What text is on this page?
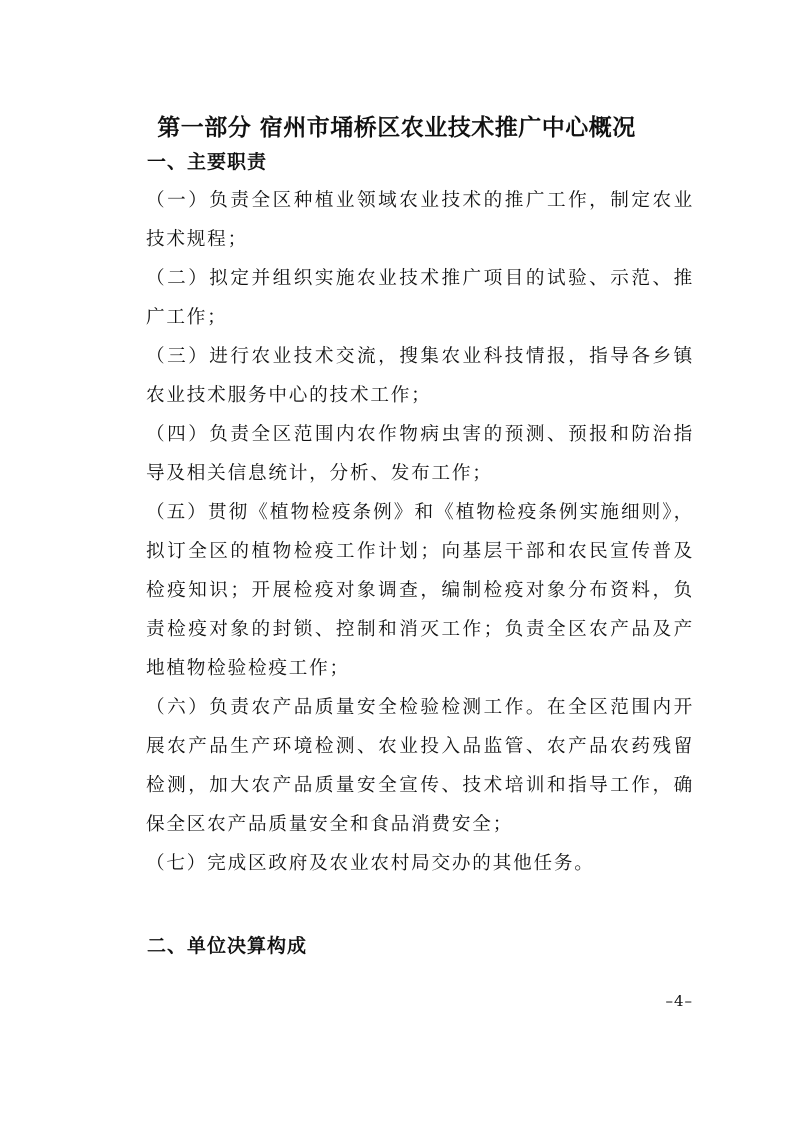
第一部分 宿州市埇桥区农业技术推广中心概况
一、主要职责

（一）负责全区种植业领域农业技术的推广工作，制定农业技术规程；

（二）拟定并组织实施农业技术推广项目的试验、示范、推广工作；

（三）进行农业技术交流，搜集农业科技情报，指导各乡镇农业技术服务中心的技术工作；

（四）负责全区范围内农作物病虫害的预测、预报和防治指导及相关信息统计，分析、发布工作；

（五）贯彻《植物检疫条例》和《植物检疫条例实施细则》，拟订全区的植物检疫工作计划；向基层干部和农民宣传普及检疫知识；开展检疫对象调查，编制检疫对象分布资料，负责检疫对象的封锁、控制和消灭工作；负责全区农产品及产地植物检验检疫工作；

（六）负责农产品质量安全检验检测工作。在全区范围内开展农产品生产环境检测、农业投入品监管、农产品农药残留检测，加大农产品质量安全宣传、技术培训和指导工作，确保全区农产品质量安全和食品消费安全；

（七）完成区政府及农业农村局交办的其他任务。

二、单位决算构成
–4–
